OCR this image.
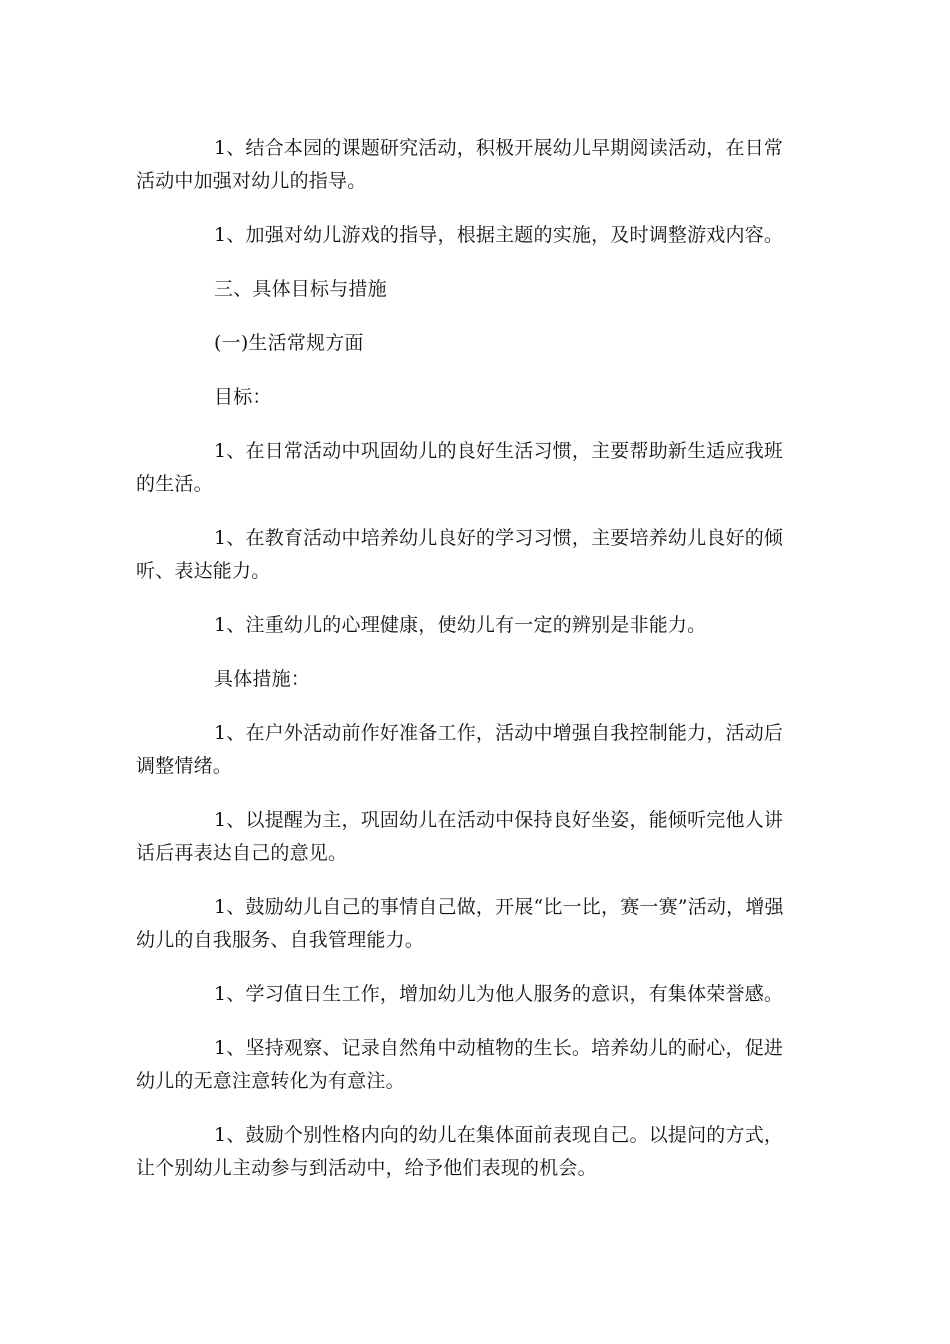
1、结合本园的课题研究活动，积极开展幼儿早期阅读活动，在日常活动中加强对幼儿的指导。

1、加强对幼儿游戏的指导，根据主题的实施，及时调整游戏内容。

三、具体目标与措施

(一)生活常规方面

目标：

1、在日常活动中巩固幼儿的良好生活习惯，主要帮助新生适应我班的生活。

1、在教育活动中培养幼儿良好的学习习惯，主要培养幼儿良好的倾听、表达能力。

1、注重幼儿的心理健康，使幼儿有一定的辨别是非能力。

具体措施：

1、在户外活动前作好准备工作，活动中增强自我控制能力，活动后调整情绪。

1、以提醒为主，巩固幼儿在活动中保持良好坐姿，能倾听完他人讲话后再表达自己的意见。

1、鼓励幼儿自己的事情自己做，开展“比一比，赛一赛”活动，增强幼儿的自我服务、自我管理能力。

1、学习值日生工作，增加幼儿为他人服务的意识，有集体荣誉感。

1、坚持观察、记录自然角中动植物的生长。培养幼儿的耐心，促进幼儿的无意注意转化为有意注。

1、鼓励个别性格内向的幼儿在集体面前表现自己。以提问的方式，让个别幼儿主动参与到活动中，给予他们表现的机会。
